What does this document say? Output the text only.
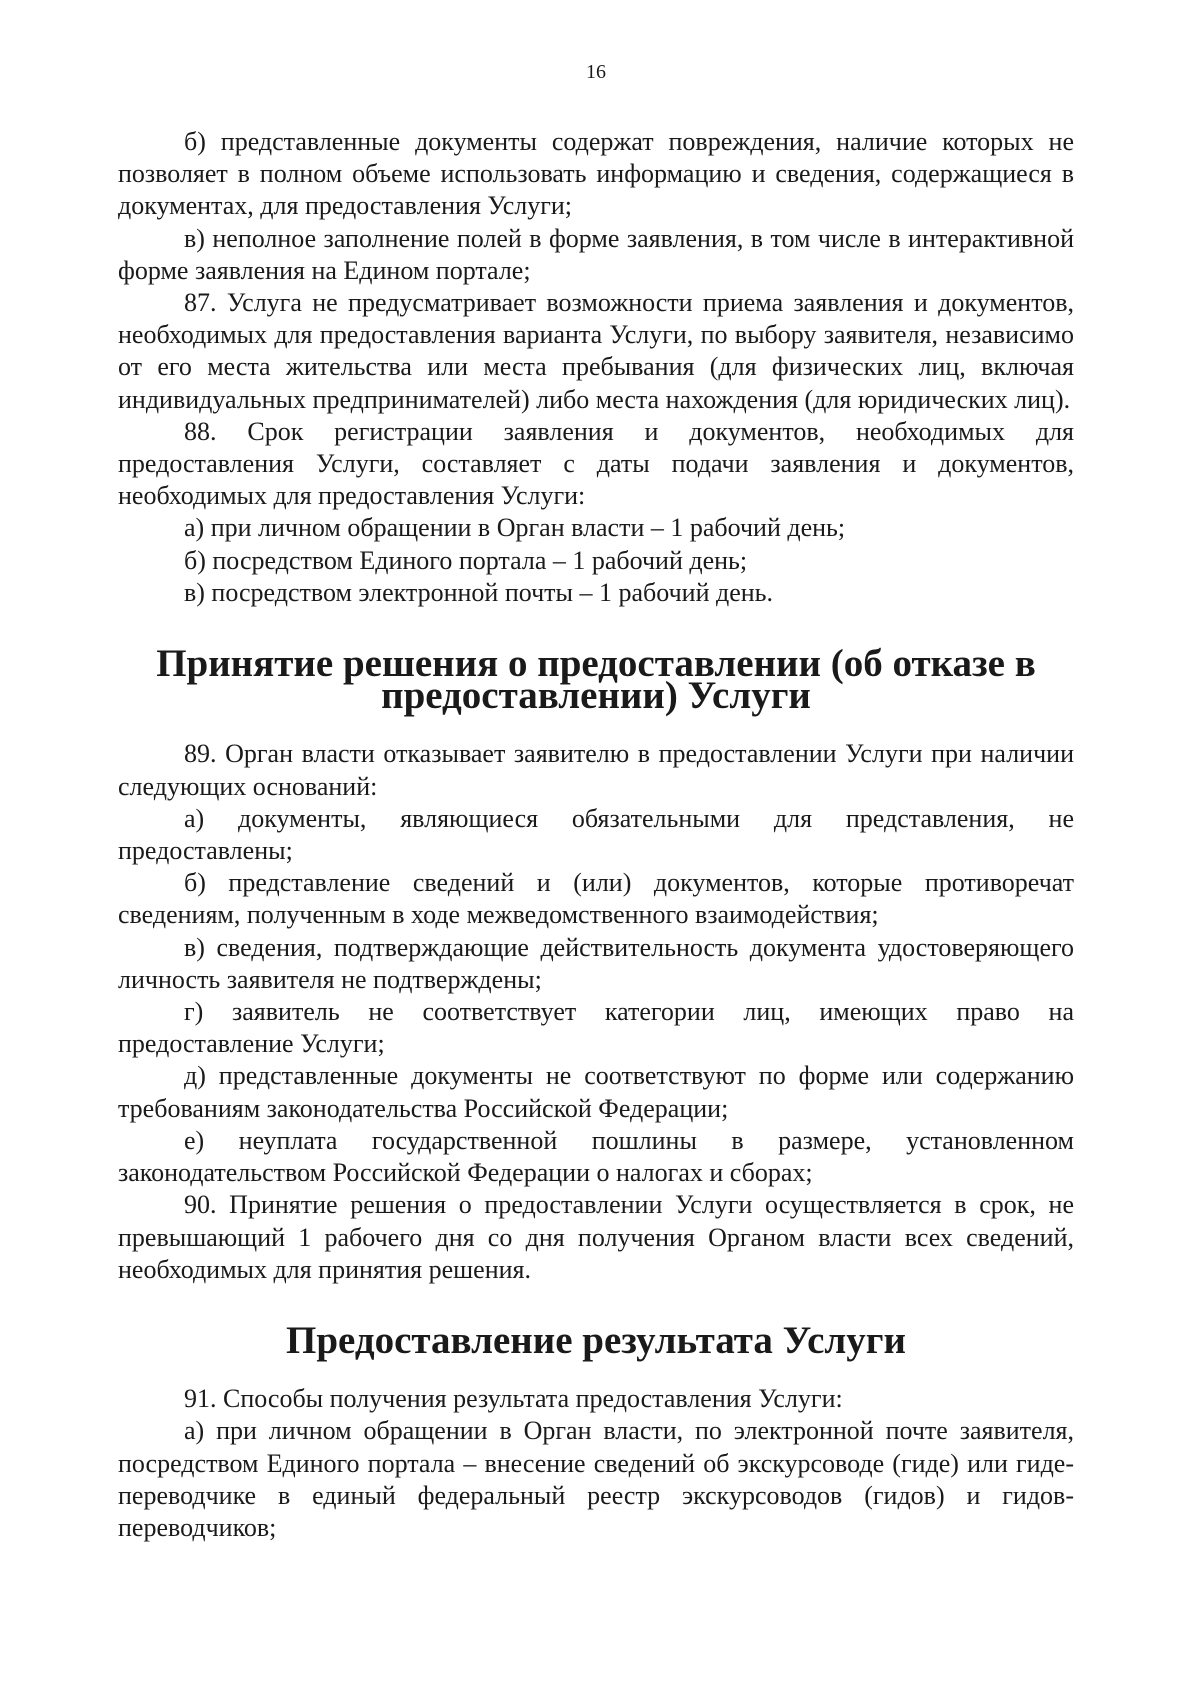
16

б) представленные документы содержат повреждения, наличие которых не позволяет в полном объеме использовать информацию и сведения, содержащиеся в документах, для предоставления Услуги;

в) неполное заполнение полей в форме заявления, в том числе в интерактивной форме заявления на Едином портале;

87. Услуга не предусматривает возможности приема заявления и документов, необходимых для предоставления варианта Услуги, по выбору заявителя, независимо от его места жительства или места пребывания (для физических лиц, включая индивидуальных предпринимателей) либо места нахождения (для юридических лиц).

88. Срок регистрации заявления и документов, необходимых для предоставления Услуги, составляет с даты подачи заявления и документов, необходимых для предоставления Услуги:

а) при личном обращении в Орган власти – 1 рабочий день;

б) посредством Единого портала – 1 рабочий день;

в) посредством электронной почты – 1 рабочий день.

Принятие решения о предоставлении (об отказе в предоставлении) Услуги

89. Орган власти отказывает заявителю в предоставлении Услуги при наличии следующих оснований:

а) документы, являющиеся обязательными для представления, не предоставлены;

б) представление сведений и (или) документов, которые противоречат сведениям, полученным в ходе межведомственного взаимодействия;

в) сведения, подтверждающие действительность документа удостоверяющего личность заявителя не подтверждены;

г) заявитель не соответствует категории лиц, имеющих право на предоставление Услуги;

д) представленные документы не соответствуют по форме или содержанию требованиям законодательства Российской Федерации;

е) неуплата государственной пошлины в размере, установленном законодательством Российской Федерации о налогах и сборах;

90. Принятие решения о предоставлении Услуги осуществляется в срок, не превышающий 1 рабочего дня со дня получения Органом власти всех сведений, необходимых для принятия решения.

Предоставление результата Услуги

91. Способы получения результата предоставления Услуги:

а) при личном обращении в Орган власти, по электронной почте заявителя, посредством Единого портала – внесение сведений об экскурсоводе (гиде) или гиде-переводчике в единый федеральный реестр экскурсоводов (гидов) и гидов-переводчиков;
